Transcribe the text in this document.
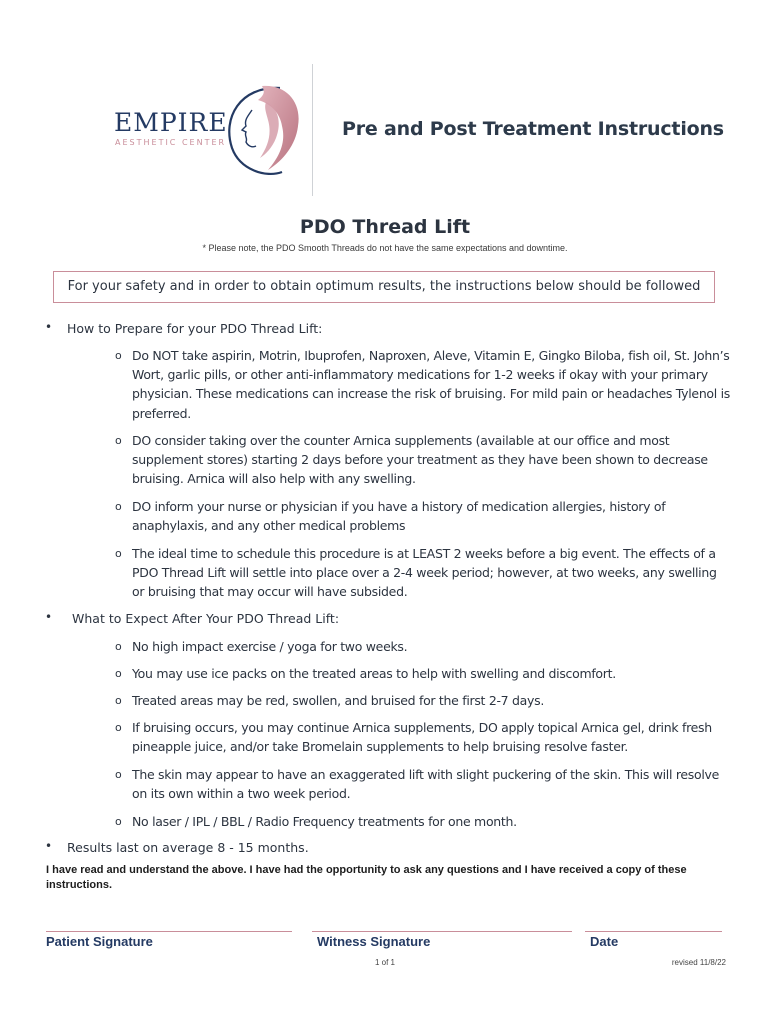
EMPIRE
AESTHETIC CENTER
Pre and Post Treatment Instructions
PDO Thread Lift
* Please note, the PDO Smooth Threads do not have the same expectations and downtime.
For your safety and in order to obtain optimum results, the instructions below should be followed
• How to Prepare for your PDO Thread Lift:
o Do NOT take aspirin, Motrin, Ibuprofen, Naproxen, Aleve, Vitamin E, Gingko Biloba, fish oil, St. John’s Wort, garlic pills, or other anti-inflammatory medications for 1-2 weeks if okay with your primary physician. These medications can increase the risk of bruising. For mild pain or headaches Tylenol is preferred.
o DO consider taking over the counter Arnica supplements (available at our office and most supplement stores) starting 2 days before your treatment as they have been shown to decrease bruising. Arnica will also help with any swelling.
o DO inform your nurse or physician if you have a history of medication allergies, history of anaphylaxis, and any other medical problems
o The ideal time to schedule this procedure is at LEAST 2 weeks before a big event. The effects of a PDO Thread Lift will settle into place over a 2-4 week period; however, at two weeks, any swelling or bruising that may occur will have subsided.
• What to Expect After Your PDO Thread Lift:
o No high impact exercise / yoga for two weeks.
o You may use ice packs on the treated areas to help with swelling and discomfort.
o Treated areas may be red, swollen, and bruised for the first 2-7 days.
o If bruising occurs, you may continue Arnica supplements, DO apply topical Arnica gel, drink fresh pineapple juice, and/or take Bromelain supplements to help bruising resolve faster.
o The skin may appear to have an exaggerated lift with slight puckering of the skin. This will resolve on its own within a two week period.
o No laser / IPL / BBL / Radio Frequency treatments for one month.
• Results last on average 8 - 15 months.
I have read and understand the above. I have had the opportunity to ask any questions and I have received a copy of these instructions.
Patient Signature	Witness Signature	Date
1 of 1	revised 11/8/22
